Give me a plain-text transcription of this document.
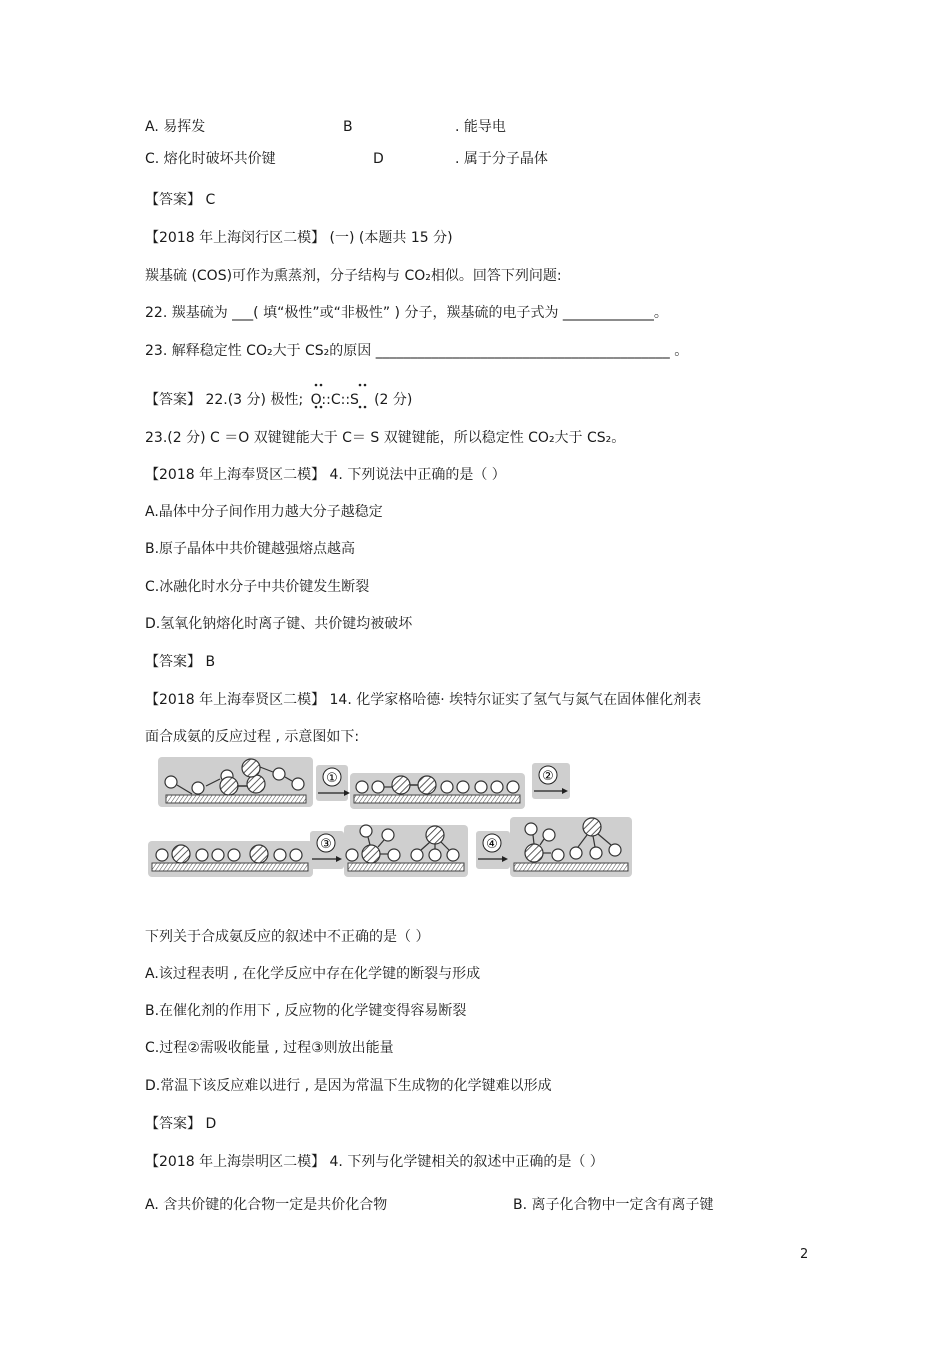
A. 易挥发	B	. 能导电
C. 熔化时破坏共价键	D	. 属于分子晶体
【答案】 C
【2018 年上海闵行区二模】 (一) (本题共 15 分)
羰基硫 (COS)可作为熏蒸剂，分子结构与 CO₂相似。回答下列问题:
22. 羰基硫为 ___( 填“极性”或“非极性” ) 分子，羰基硫的电子式为 _____________。
23. 解释稳定性 CO₂大于 CS₂的原因 __________________________________________ 。
【答案】 22.(3 分) 极性; O::C::S (2 分)
23.(2 分) C ＝O 双键键能大于 C＝ S 双键键能，所以稳定性 CO₂大于 CS₂。
【2018 年上海奉贤区二模】 4. 下列说法中正确的是（ ）
A.晶体中分子间作用力越大分子越稳定
B.原子晶体中共价键越强熔点越高
C.冰融化时水分子中共价键发生断裂
D.氢氧化钠熔化时离子键、共价键均被破坏
【答案】 B
【2018 年上海奉贤区二模】 14. 化学家格哈德· 埃特尔证实了氢气与氮气在固体催化剂表
面合成氨的反应过程 , 示意图如下:
①	②
③	④
下列关于合成氨反应的叙述中不正确的是（ ）
A.该过程表明 , 在化学反应中存在化学键的断裂与形成
B.在催化剂的作用下 , 反应物的化学键变得容易断裂
C.过程②需吸收能量 , 过程③则放出能量
D.常温下该反应难以进行 , 是因为常温下生成物的化学键难以形成
【答案】 D
【2018 年上海崇明区二模】 4. 下列与化学键相关的叙述中正确的是（ ）
A. 含共价键的化合物一定是共价化合物	B. 离子化合物中一定含有离子键
2
